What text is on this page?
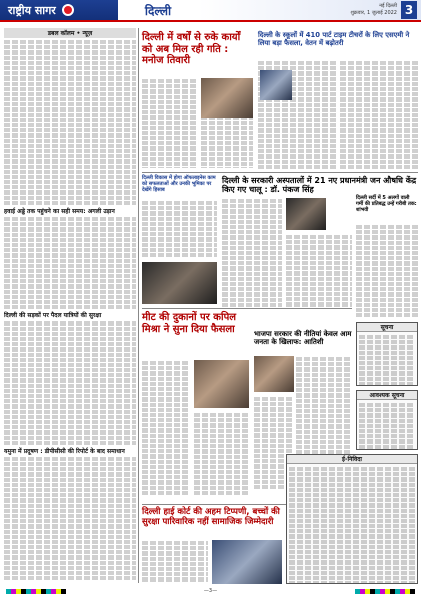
राष्ट्रीय सागर	दिल्ली	नई दिल्ली
शुक्रवार, 1 जुलाई 2022 3
डबल कॉलम • न्यूज़
हवाई अड्डे तक पहुंचने का सही समय: अगली उड़ान
दिल्ली की सड़कों पर पैदल यात्रियों की सुरक्षा
यमुना में प्रदूषण : डीपीसीसी की रिपोर्ट के बाद समाधान
दिल्ली में वर्षों से रुके कार्यों को अब मिल रही गति : मनोज तिवारी
दिल्ली के स्कूलों में 410 पार्ट टाइम टीचरों के लिए एसएमी ने लिया बड़ा फैसला, वेतन में बढ़ोतरी
दिल्ली विकास में होगा ऑफलाइनेस काम को सफलताओं और उनकी भूमिका पर देखेंगे हिसाब
दिल्ली के सरकारी अस्पतालों में 21 नए प्रधानमंत्री जन औषधि केंद्र किए गए चालू : डॉ. पंकज सिंह
दिल्ली सर्दी में 5 अलगों वाली गर्मी की प्रतिबद्ध उन्हें गरीबी तक: शांभवी
मीट की दुकानों पर कपिल मिश्रा ने सुना दिया फैसला	भाजपा सरकार की नीतियां केवल आम जनता के खिलाफ: आतिशी
सूचना
आवश्यक सूचना
दिल्ली हाई कोर्ट की अहम टिप्पणी, बच्चों की सुरक्षा पारिवारिक नहीं सामाजिक जिम्मेदारी
ई-निविदा
—3—
